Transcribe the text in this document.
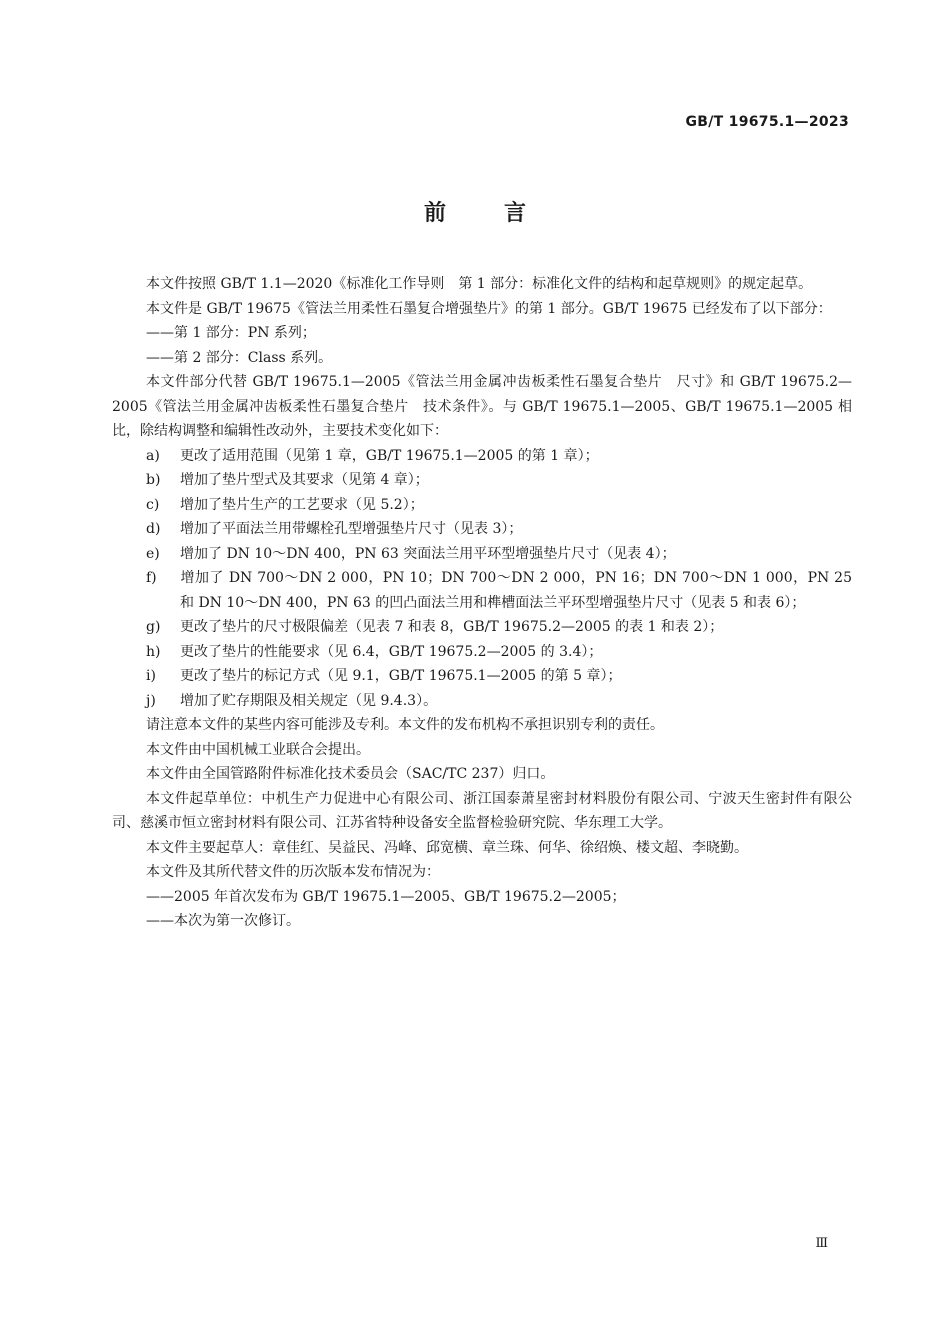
GB/T 19675.1—2023
前言

本文件按照 GB/T 1.1—2020《标准化工作导则　第 1 部分：标准化文件的结构和起草规则》的规定起草。

本文件是 GB/T 19675《管法兰用柔性石墨复合增强垫片》的第 1 部分。GB/T 19675 已经发布了以下部分：

——第 1 部分：PN 系列；

——第 2 部分：Class 系列。

本文件部分代替 GB/T 19675.1—2005《管法兰用金属冲齿板柔性石墨复合垫片　尺寸》和 GB/T 19675.2—2005《管法兰用金属冲齿板柔性石墨复合垫片　技术条件》。与 GB/T 19675.1—2005、GB/T 19675.1—2005 相比，除结构调整和编辑性改动外，主要技术变化如下：

a) 更改了适用范围（见第 1 章，GB/T 19675.1—2005 的第 1 章）；

b) 增加了垫片型式及其要求（见第 4 章）；

c) 增加了垫片生产的工艺要求（见 5.2）；

d) 增加了平面法兰用带螺栓孔型增强垫片尺寸（见表 3）；

e) 增加了 DN 10～DN 400，PN 63 突面法兰用平环型增强垫片尺寸（见表 4）；

f) 增加了 DN 700～DN 2 000，PN 10；DN 700～DN 2 000，PN 16；DN 700～DN 1 000，PN 25 和 DN 10～DN 400，PN 63 的凹凸面法兰用和榫槽面法兰平环型增强垫片尺寸（见表 5 和表 6）；

g) 更改了垫片的尺寸极限偏差（见表 7 和表 8，GB/T 19675.2—2005 的表 1 和表 2）；

h) 更改了垫片的性能要求（见 6.4，GB/T 19675.2—2005 的 3.4）；

i) 更改了垫片的标记方式（见 9.1，GB/T 19675.1—2005 的第 5 章）；

j) 增加了贮存期限及相关规定（见 9.4.3）。

请注意本文件的某些内容可能涉及专利。本文件的发布机构不承担识别专利的责任。

本文件由中国机械工业联合会提出。

本文件由全国管路附件标准化技术委员会（SAC/TC 237）归口。

本文件起草单位：中机生产力促进中心有限公司、浙江国泰萧星密封材料股份有限公司、宁波天生密封件有限公司、慈溪市恒立密封材料有限公司、江苏省特种设备安全监督检验研究院、华东理工大学。

本文件主要起草人：章佳红、吴益民、冯峰、邱宽横、章兰珠、何华、徐绍焕、楼文超、李晓勤。

本文件及其所代替文件的历次版本发布情况为：

——2005 年首次发布为 GB/T 19675.1—2005、GB/T 19675.2—2005；

——本次为第一次修订。

Ⅲ
